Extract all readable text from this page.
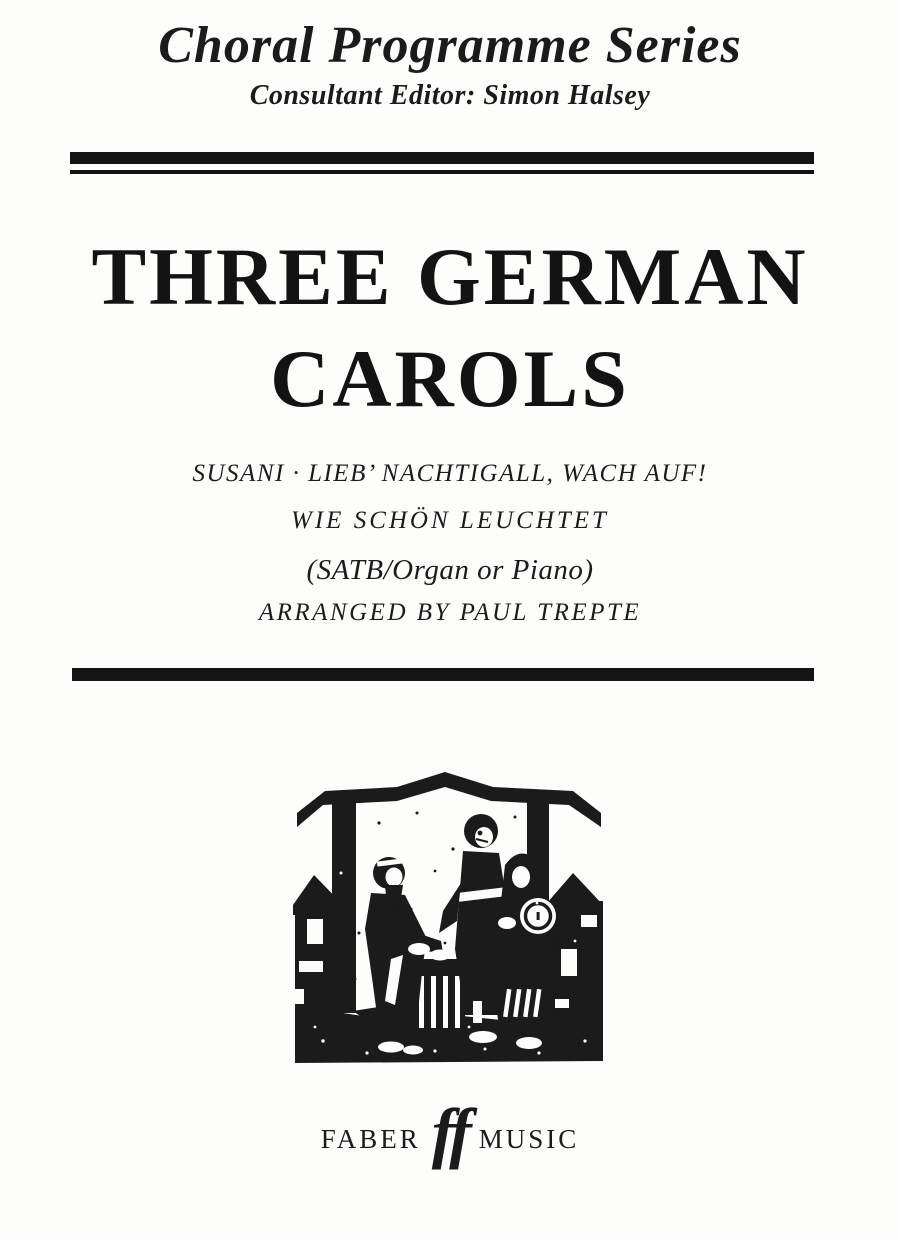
Choral Programme Series
Consultant Editor: Simon Halsey
THREE GERMAN
CAROLS
SUSANI · LIEB’ NACHTIGALL, WACH AUF!
WIE SCHÖN LEUCHTET
(SATB/Organ or Piano)
ARRANGED BY PAUL TREPTE
FABER ff MUSIC
